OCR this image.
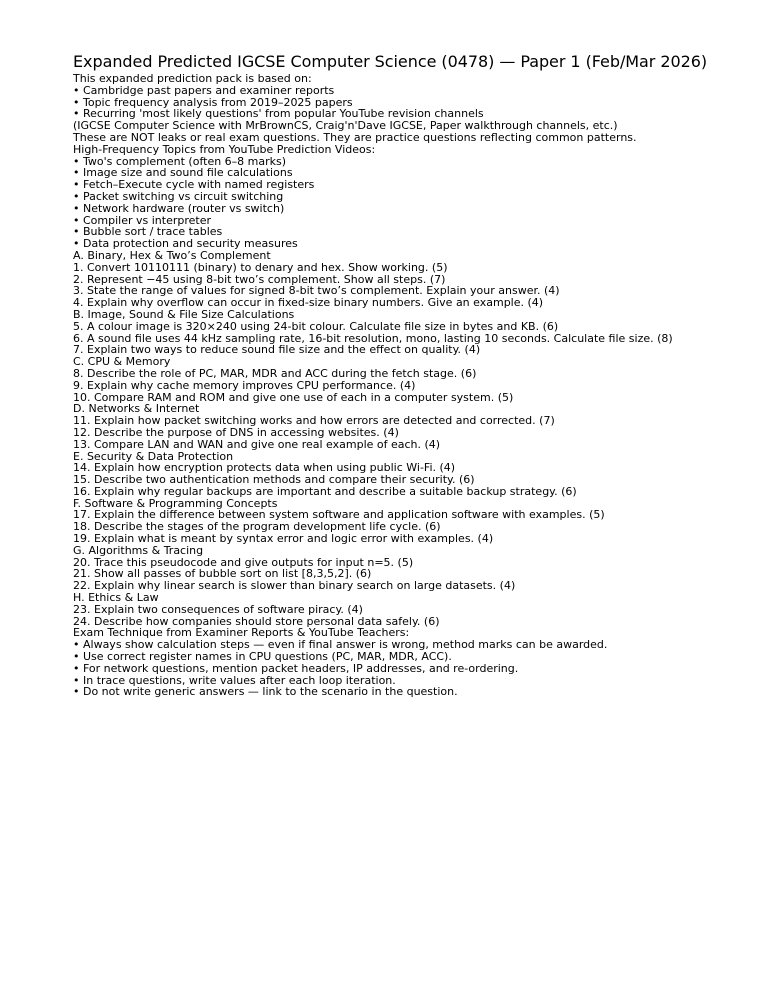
Expanded Predicted IGCSE Computer Science (0478) — Paper 1 (Feb/Mar 2026)
This expanded prediction pack is based on:
• Cambridge past papers and examiner reports
• Topic frequency analysis from 2019–2025 papers
• Recurring 'most likely questions' from popular YouTube revision channels
(IGCSE Computer Science with MrBrownCS, Craig'n'Dave IGCSE, Paper walkthrough channels, etc.)
These are NOT leaks or real exam questions. They are practice questions reflecting common patterns.
High-Frequency Topics from YouTube Prediction Videos:
• Two's complement (often 6–8 marks)
• Image size and sound file calculations
• Fetch–Execute cycle with named registers
• Packet switching vs circuit switching
• Network hardware (router vs switch)
• Compiler vs interpreter
• Bubble sort / trace tables
• Data protection and security measures
A. Binary, Hex & Two’s Complement
1. Convert 10110111 (binary) to denary and hex. Show working. (5)
2. Represent −45 using 8-bit two’s complement. Show all steps. (7)
3. State the range of values for signed 8-bit two’s complement. Explain your answer. (4)
4. Explain why overflow can occur in fixed-size binary numbers. Give an example. (4)
B. Image, Sound & File Size Calculations
5. A colour image is 320×240 using 24-bit colour. Calculate file size in bytes and KB. (6)
6. A sound file uses 44 kHz sampling rate, 16-bit resolution, mono, lasting 10 seconds. Calculate file size. (8)
7. Explain two ways to reduce sound file size and the effect on quality. (4)
C. CPU & Memory
8. Describe the role of PC, MAR, MDR and ACC during the fetch stage. (6)
9. Explain why cache memory improves CPU performance. (4)
10. Compare RAM and ROM and give one use of each in a computer system. (5)
D. Networks & Internet
11. Explain how packet switching works and how errors are detected and corrected. (7)
12. Describe the purpose of DNS in accessing websites. (4)
13. Compare LAN and WAN and give one real example of each. (4)
E. Security & Data Protection
14. Explain how encryption protects data when using public Wi-Fi. (4)
15. Describe two authentication methods and compare their security. (6)
16. Explain why regular backups are important and describe a suitable backup strategy. (6)
F. Software & Programming Concepts
17. Explain the difference between system software and application software with examples. (5)
18. Describe the stages of the program development life cycle. (6)
19. Explain what is meant by syntax error and logic error with examples. (4)
G. Algorithms & Tracing
20. Trace this pseudocode and give outputs for input n=5. (5)
21. Show all passes of bubble sort on list [8,3,5,2]. (6)
22. Explain why linear search is slower than binary search on large datasets. (4)
H. Ethics & Law
23. Explain two consequences of software piracy. (4)
24. Describe how companies should store personal data safely. (6)
Exam Technique from Examiner Reports & YouTube Teachers:
• Always show calculation steps — even if final answer is wrong, method marks can be awarded.
• Use correct register names in CPU questions (PC, MAR, MDR, ACC).
• For network questions, mention packet headers, IP addresses, and re-ordering.
• In trace questions, write values after each loop iteration.
• Do not write generic answers — link to the scenario in the question.
